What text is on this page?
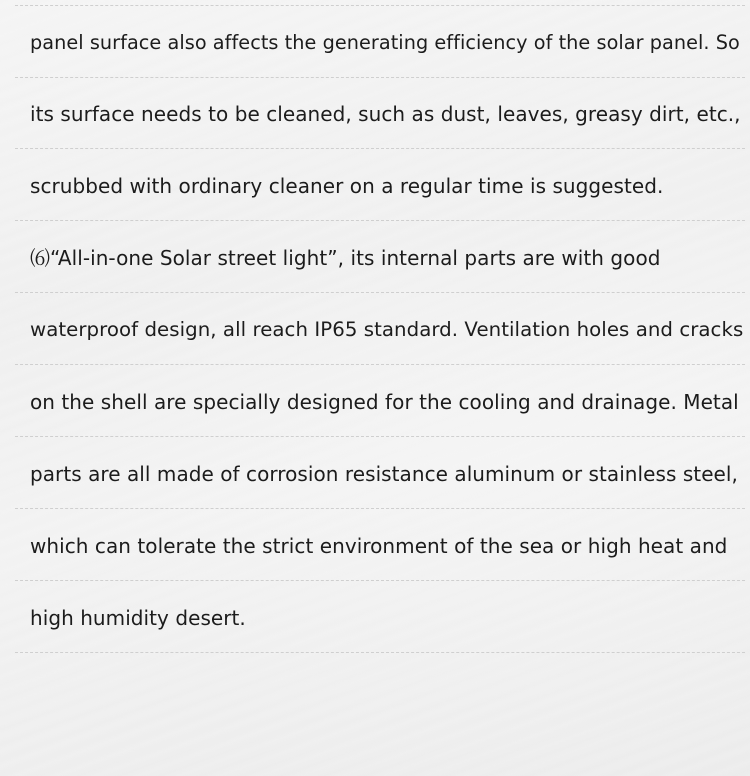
panel surface also affects the generating efficiency of the solar panel. So
its surface needs to be cleaned, such as dust, leaves, greasy dirt, etc.,
scrubbed with ordinary cleaner on a regular time is suggested.
⑹“All-in-one Solar street light”, its internal parts are with good
waterproof design, all reach IP65 standard. Ventilation holes and cracks
on the shell are specially designed for the cooling and drainage. Metal
parts are all made of corrosion resistance aluminum or stainless steel,
which can tolerate the strict environment of the sea or high heat and
high humidity desert.
